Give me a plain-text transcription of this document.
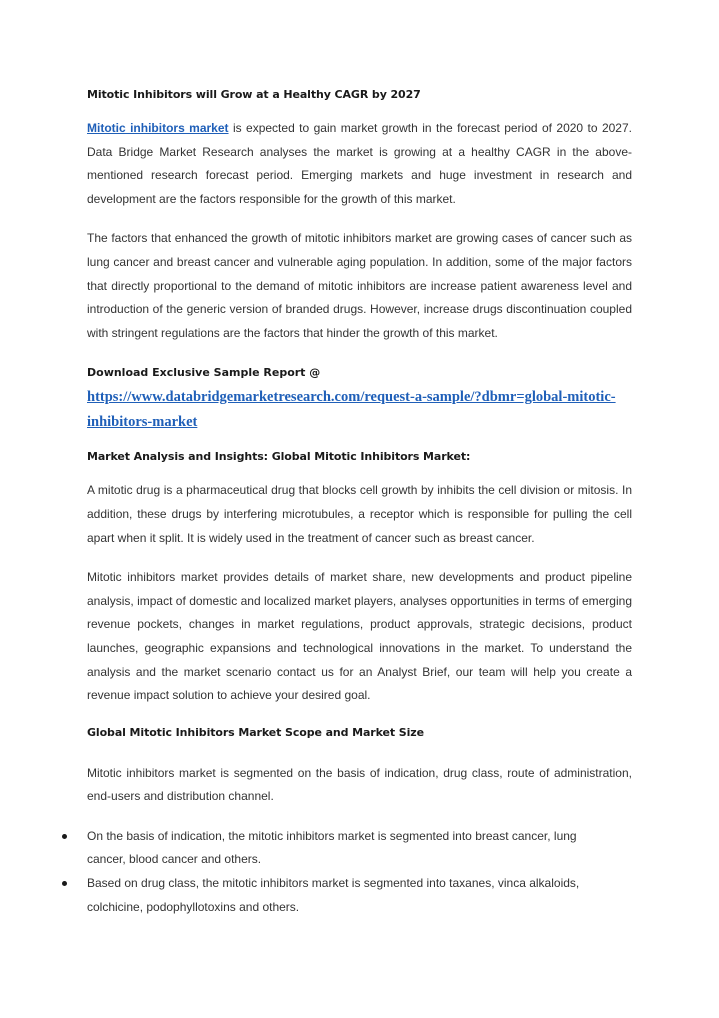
Mitotic Inhibitors will Grow at a Healthy CAGR by 2027

Mitotic inhibitors market is expected to gain market growth in the forecast period of 2020 to 2027. Data Bridge Market Research analyses the market is growing at a healthy CAGR in the above-mentioned research forecast period. Emerging markets and huge investment in research and development are the factors responsible for the growth of this market.

The factors that enhanced the growth of mitotic inhibitors market are growing cases of cancer such as lung cancer and breast cancer and vulnerable aging population. In addition, some of the major factors that directly proportional to the demand of mitotic inhibitors are increase patient awareness level and introduction of the generic version of branded drugs. However, increase drugs discontinuation coupled with stringent regulations are the factors that hinder the growth of this market.

Download Exclusive Sample Report @ https://www.databridgemarketresearch.com/request-a-sample/?dbmr=global-mitotic-inhibitors-market

Market Analysis and Insights: Global Mitotic Inhibitors Market:

A mitotic drug is a pharmaceutical drug that blocks cell growth by inhibits the cell division or mitosis. In addition, these drugs by interfering microtubules, a receptor which is responsible for pulling the cell apart when it split. It is widely used in the treatment of cancer such as breast cancer.

Mitotic inhibitors market provides details of market share, new developments and product pipeline analysis, impact of domestic and localized market players, analyses opportunities in terms of emerging revenue pockets, changes in market regulations, product approvals, strategic decisions, product launches, geographic expansions and technological innovations in the market. To understand the analysis and the market scenario contact us for an Analyst Brief, our team will help you create a revenue impact solution to achieve your desired goal.

Global Mitotic Inhibitors Market Scope and Market Size

Mitotic inhibitors market is segmented on the basis of indication, drug class, route of administration, end-users and distribution channel.

On the basis of indication, the mitotic inhibitors market is segmented into breast cancer, lung cancer, blood cancer and others.
Based on drug class, the mitotic inhibitors market is segmented into taxanes, vinca alkaloids, colchicine, podophyllotoxins and others.
